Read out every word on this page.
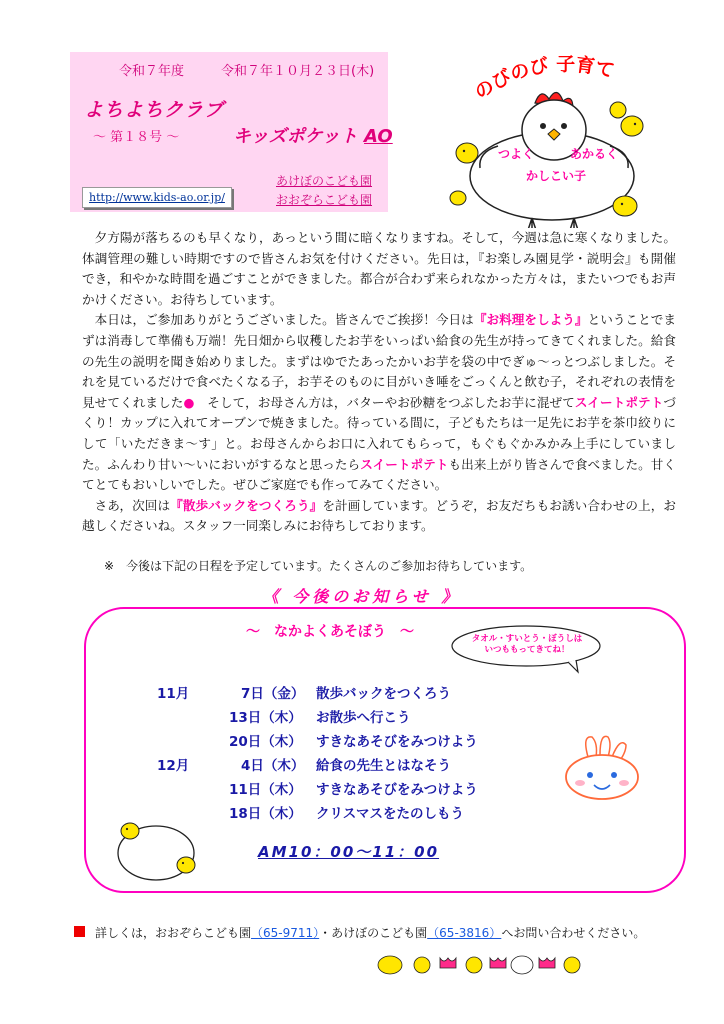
令和７年度	令和７年１０月２３日(木)
よちよちクラブ
～ 第１８号 ～	キッズポケット AO
http://www.kids-ao.or.jp/
あけぼのこども園
おおぞらこども園
のびのび 子育て
つよく	あかるく
かしこい子

夕方陽が落ちるのも早くなり，あっという間に暗くなりますね。そして，今週は急に寒くなりました。体調管理の難しい時期ですので皆さんお気を付けください。先日は，『お楽しみ園見学・説明会』も開催でき，和やかな時間を過ごすことができました。都合が合わず来られなかった方々は，またいつでもお声かけください。お待ちしています。

本日は，ご参加ありがとうございました。皆さんでご挨拶！今日は『お料理をしよう』ということでまずは消毒して準備も万端！先日畑から収穫したお芋をいっぱい給食の先生が持ってきてくれました。給食の先生の説明を聞き始めりました。まずはゆでたあったかいお芋を袋の中でぎゅ～っとつぶしました。それを見ているだけで食べたくなる子，お芋そのものに目がいき唾をごっくんと飲む子，それぞれの表情を見せてくれました●　そして，お母さん方は，バターやお砂糖をつぶしたお芋に混ぜてスイートポテトづくり！カップに入れてオーブンで焼きました。待っている間に，子どもたちは一足先にお芋を茶巾絞りにして「いただきま～す」と。お母さんからお口に入れてもらって，もぐもぐかみかみ上手にしていました。ふんわり甘い～いにおいがするなと思ったらスイートポテトも出来上がり皆さんで食べました。甘くてとてもおいしいでした。ぜひご家庭でも作ってみてください。

さあ，次回は『散歩バックをつくろう』を計画しています。どうぞ，お友だちもお誘い合わせの上，お越しくださいね。スタッフ一同楽しみにお待ちしております。

※　今後は下記の日程を予定しています。たくさんのご参加お待ちしています。
《 今後のお知らせ 》
～　なかよくあそぼう　～	タオル・すいとう・ぼうしは
いつももってきてね！
11月	7日（金） 散歩バックをつくろう
13日（木） お散歩へ行こう
20日（木） すきなあそびをみつけよう
12月	4日（木） 給食の先生とはなそう
11日（木） すきなあそびをみつけよう
18日（木） クリスマスをたのしもう
AM10：00～11：00
詳しくは，おおぞらこども園（65-9711）・あけぼのこども園（65-3816）へお問い合わせください。
